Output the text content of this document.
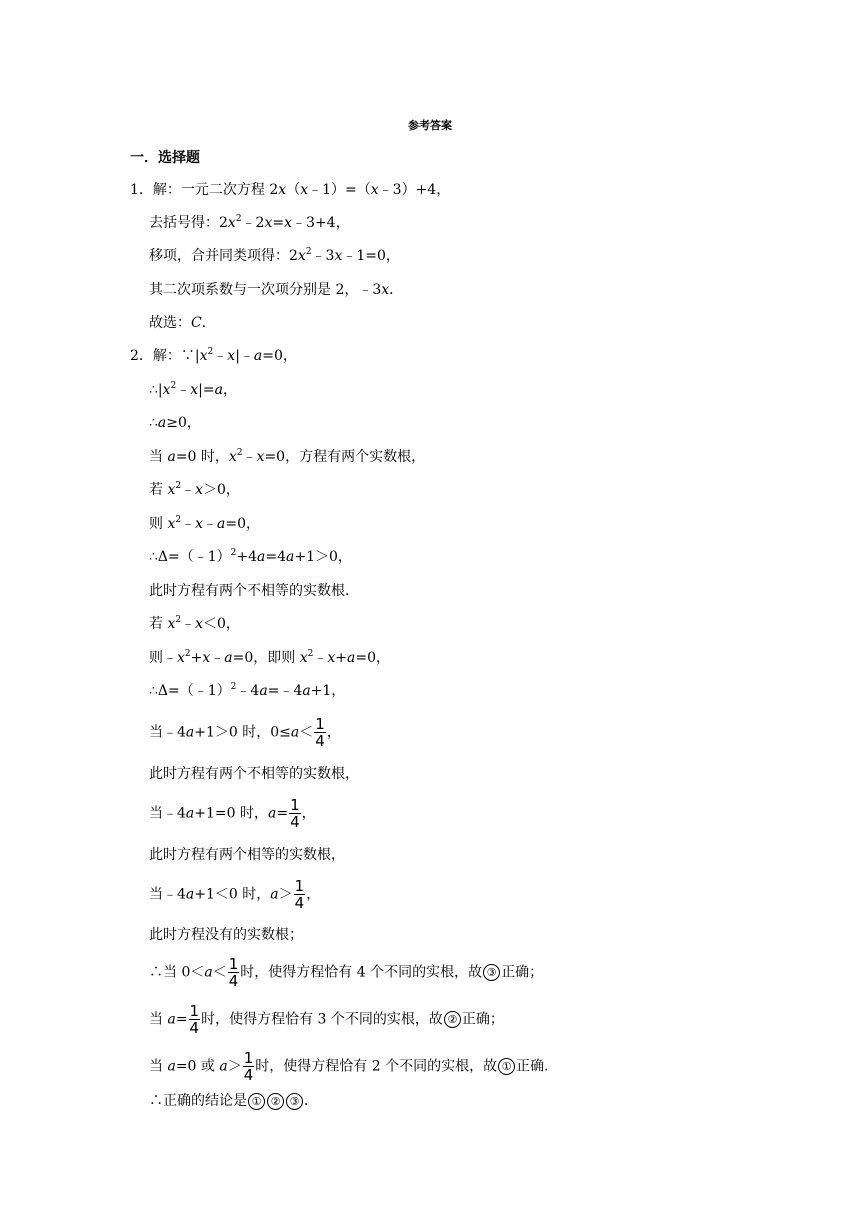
参考答案
一．选择题
1．解：一元二次方程 2x（x﹣1）=（x﹣3）+4，
去括号得：$2x^2﹣2x=x﹣3+4$，
移项，合并同类项得：$2x^2﹣3x﹣1=0$，
其二次项系数与一次项分别是 2，﹣3x．
故选：C．
2．解：$\because|x^2﹣x|﹣a=0$，
$\therefore|x^2﹣x|=a$，
∴a≥0，
当 a=0 时，$x^2﹣x=0$，方程有两个实数根，
若 $x^2﹣x>0$，
则 $x^2﹣x﹣a=0$，
∴Δ=（﹣1）$^2$+4a=4a+1＞0，
此时方程有两个不相等的实数根．
若 $x^2﹣x<0$，
则$﹣x^2+x﹣a=0$，即则 $x^2﹣x+a=0$，
∴Δ=（﹣1）$^2$﹣4a=﹣4a+1，
当﹣4a+1＞0 时，$0\le a< \frac{1}{4}$ ，
此时方程有两个不相等的实数根，
当﹣4a+1=0 时，$a= \frac{1}{4}$ ，
此时方程有两个相等的实数根，
当﹣4a+1＜0 时，$a> \frac{1}{4}$ ，
此时方程没有的实数根；
∴当 $0<a< \frac{1}{4}$ 时，使得方程恰有 4 个不同的实根，故 ③ 正确；
当 $a= \frac{1}{4}$ 时，使得方程恰有 3 个不同的实根，故 ② 正确；
当 a=0 或 $a> \frac{1}{4}$ 时，使得方程恰有 2 个不同的实根，故 ① 正确．
∴正确的结论是 ① ② ③ ．
